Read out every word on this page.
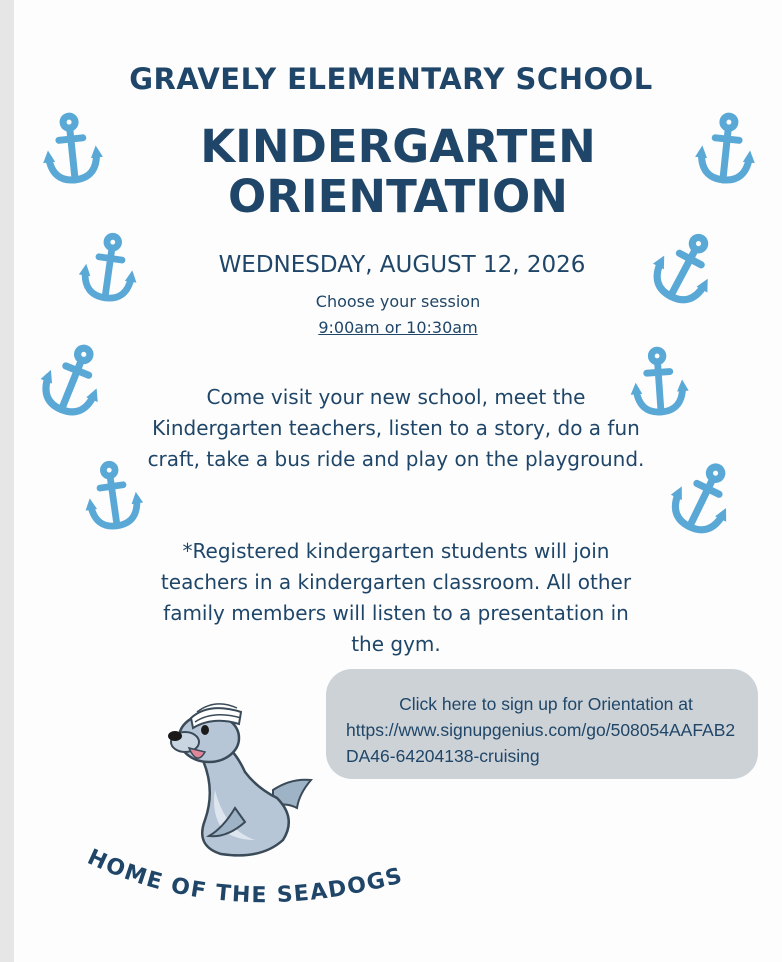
GRAVELY ELEMENTARY SCHOOL
KINDERGARTEN
ORIENTATION
WEDNESDAY, AUGUST 12, 2026
Choose your session
9:00am or 10:30am
Come visit your new school, meet the Kindergarten teachers, listen to a story, do a fun craft, take a bus ride and play on the playground.
*Registered kindergarten students will join teachers in a kindergarten classroom. All other family members will listen to a presentation in the gym.
Click here to sign up for Orientation at
https://www.signupgenius.com/go/508054AAFAB2DA46-64204138-cruising
HOME OF THE SEADOGS
